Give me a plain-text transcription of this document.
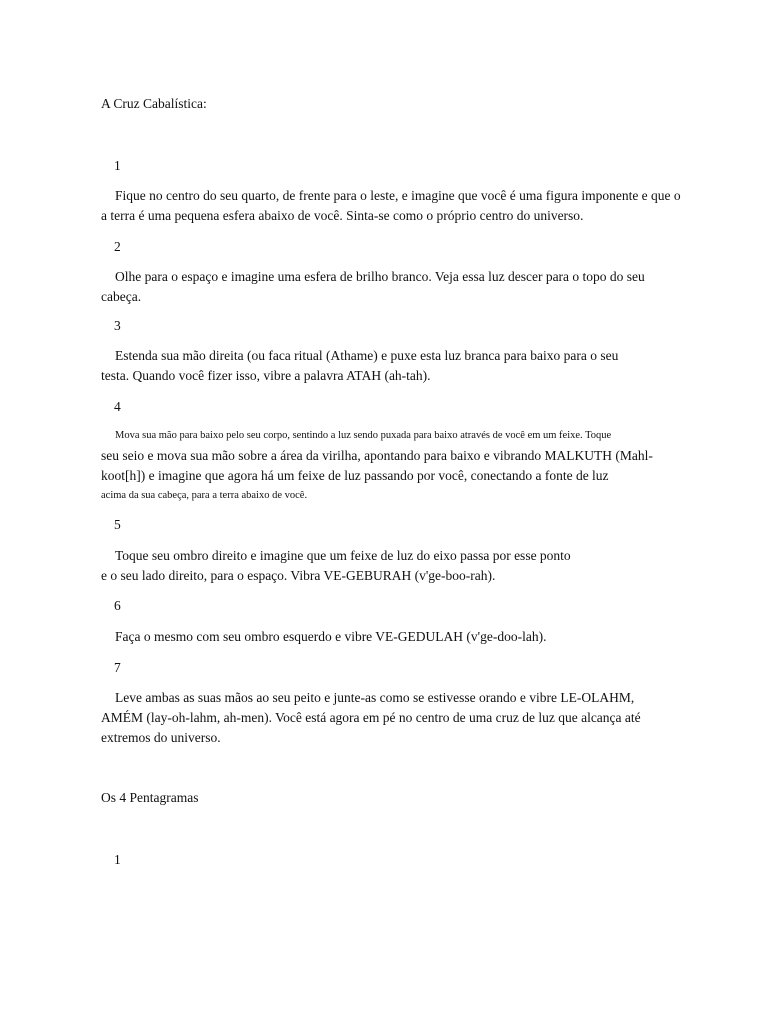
A Cruz Cabalística:
1
Fique no centro do seu quarto, de frente para o leste, e imagine que você é uma figura imponente e que o
a terra é uma pequena esfera abaixo de você. Sinta-se como o próprio centro do universo.
2
Olhe para o espaço e imagine uma esfera de brilho branco. Veja essa luz descer para o topo do seu
cabeça.
3
Estenda sua mão direita (ou faca ritual (Athame) e puxe esta luz branca para baixo para o seu
testa. Quando você fizer isso, vibre a palavra ATAH (ah-tah).
4
Mova sua mão para baixo pelo seu corpo, sentindo a luz sendo puxada para baixo através de você em um feixe. Toque
seu seio e mova sua mão sobre a área da virilha, apontando para baixo e vibrando MALKUTH (Mahl-
koot[h]) e imagine que agora há um feixe de luz passando por você, conectando a fonte de luz
acima da sua cabeça, para a terra abaixo de você.
5
Toque seu ombro direito e imagine que um feixe de luz do eixo passa por esse ponto
e o seu lado direito, para o espaço. Vibra VE-GEBURAH (v'ge-boo-rah).
6
Faça o mesmo com seu ombro esquerdo e vibre VE-GEDULAH (v'ge-doo-lah).
7
Leve ambas as suas mãos ao seu peito e junte-as como se estivesse orando e vibre LE-OLAHM,
AMÉM (lay-oh-lahm, ah-men). Você está agora em pé no centro de uma cruz de luz que alcança até
extremos do universo.
Os 4 Pentagramas
1
